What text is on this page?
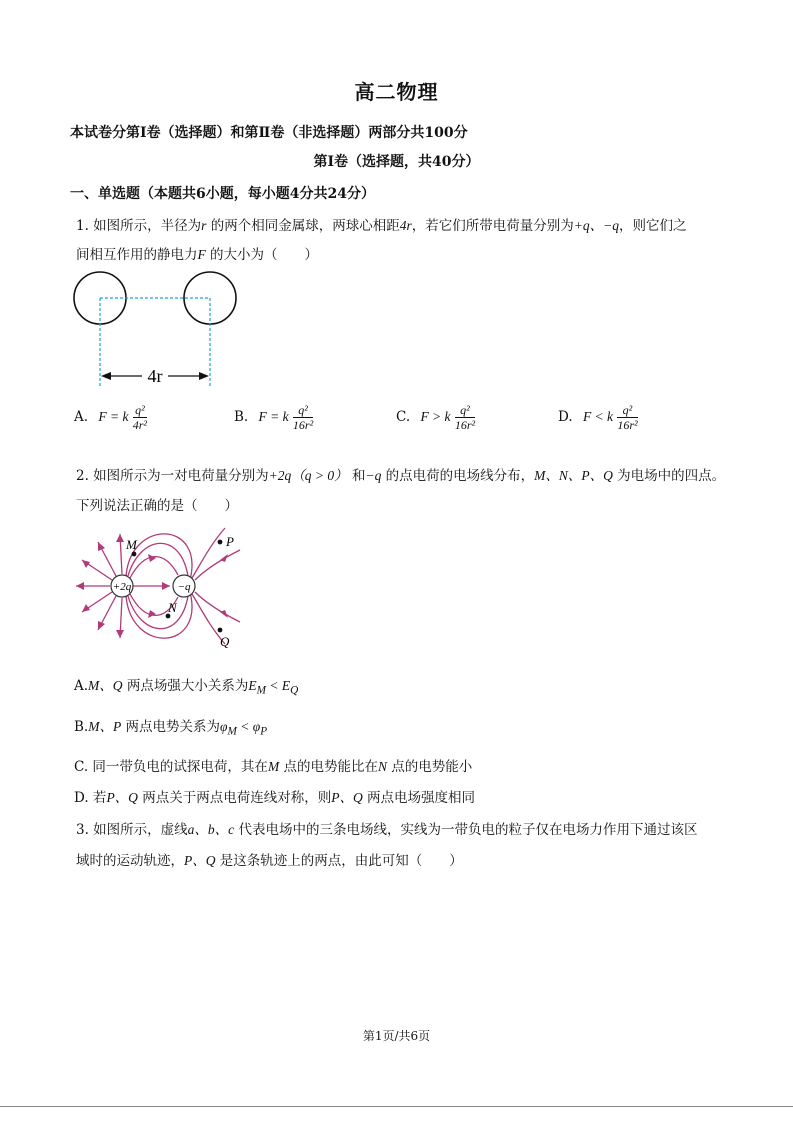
高二物理
本试卷分第Ⅰ卷（选择题）和第Ⅱ卷（非选择题）两部分共100分
第Ⅰ卷（选择题，共40分）
一、单选题（本题共6小题，每小题4分共24分）
1. 如图所示，半径为r 的两个相同金属球，两球心相距4r，若它们所带电荷量分别为+q、−q，则它们之
间相互作用的静电力F 的大小为（　　）
4r
A. F = k $\frac{\text{q²}}{\text{4r²}}$	B. F = k $\frac{\text{q²}}{\text{16r²}}$	C. F > k $\frac{\text{q²}}{\text{16r²}}$	D. F < k $\frac{\text{q²}}{\text{16r²}}$
2. 如图所示为一对电荷量分别为+2q（q > 0） 和−q 的点电荷的电场线分布，M、N、P、Q 为电场中的四点。
下列说法正确的是（　　）
+2q	−q
M	P
N
Q
A.M、Q 两点场强大小关系为$E_M < E_Q$
B.M、P 两点电势关系为$\varphi_M < \varphi_P$
C. 同一带负电的试探电荷，其在M 点的电势能比在N 点的电势能小
D. 若P、Q 两点关于两点电荷连线对称，则P、Q 两点电场强度相同
3. 如图所示，虚线a、b、c 代表电场中的三条电场线，实线为一带负电的粒子仅在电场力作用下通过该区
域时的运动轨迹，P、Q 是这条轨迹上的两点，由此可知（　　）
第1页/共6页
